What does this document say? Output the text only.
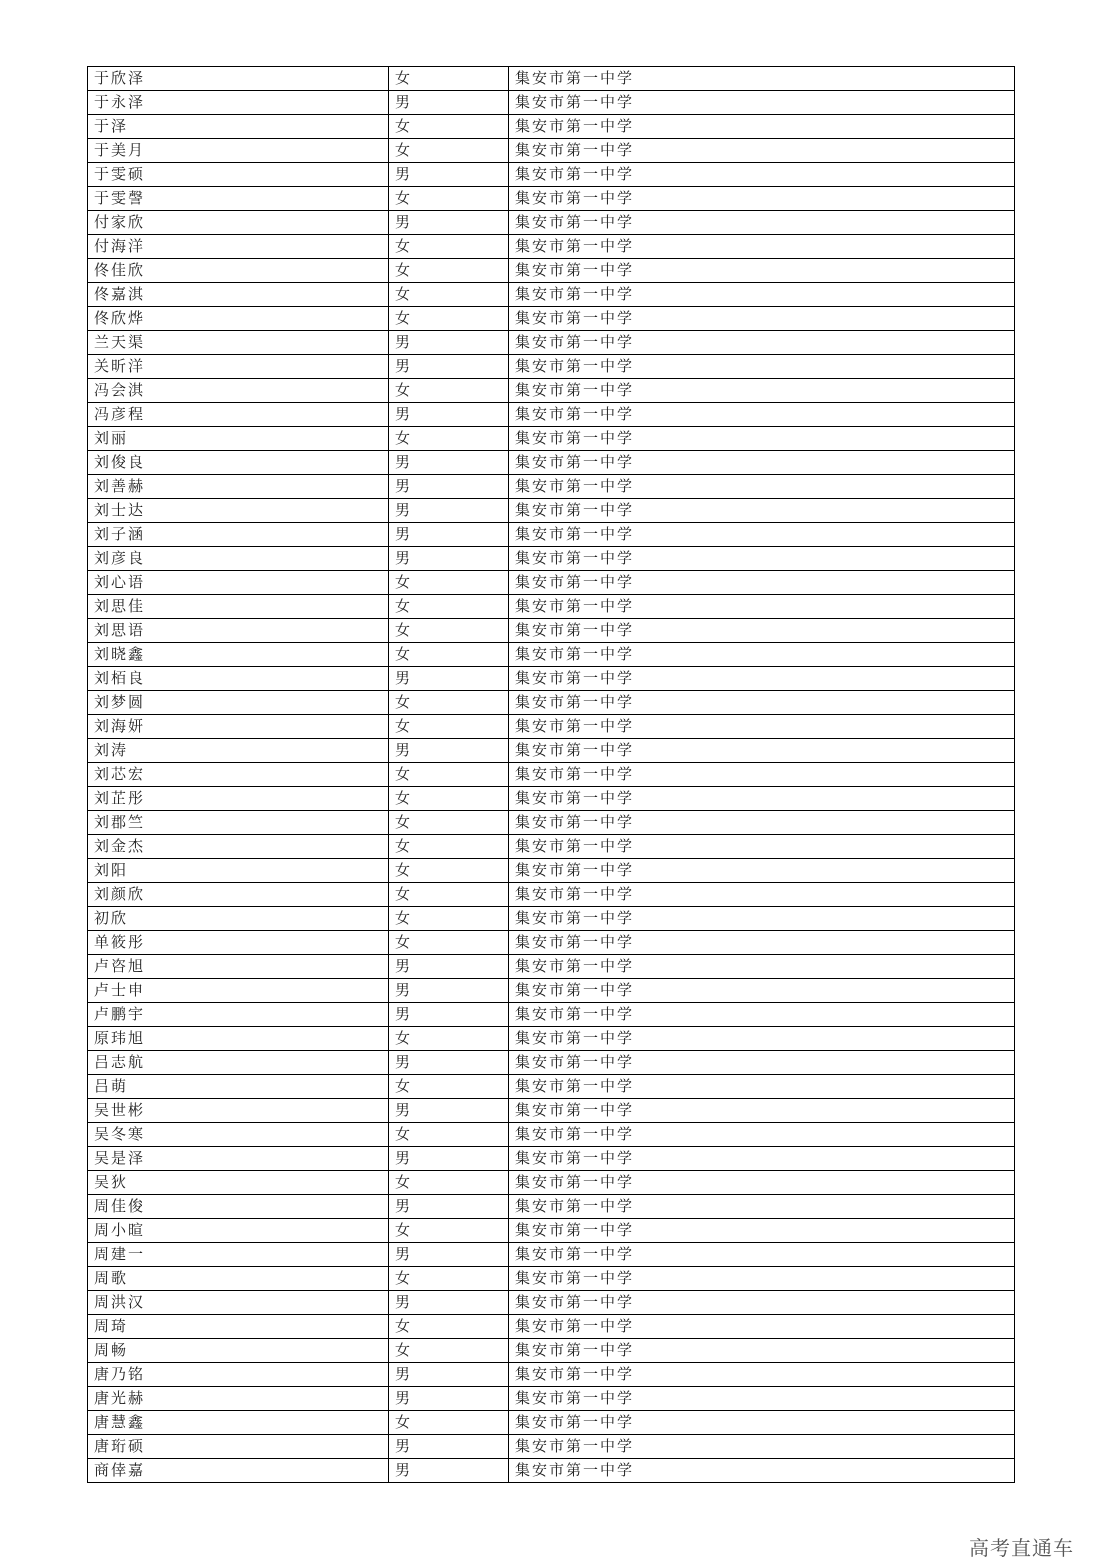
于欣泽	女	集安市第一中学
于永泽	男	集安市第一中学
于泽	女	集安市第一中学
于美月	女	集安市第一中学
于雯硕	男	集安市第一中学
于雯謦	女	集安市第一中学
付家欣	男	集安市第一中学
付海洋	女	集安市第一中学
佟佳欣	女	集安市第一中学
佟嘉淇	女	集安市第一中学
佟欣烨	女	集安市第一中学
兰天渠	男	集安市第一中学
关昕洋	男	集安市第一中学
冯会淇	女	集安市第一中学
冯彦程	男	集安市第一中学
刘丽	女	集安市第一中学
刘俊良	男	集安市第一中学
刘善赫	男	集安市第一中学
刘士达	男	集安市第一中学
刘子涵	男	集安市第一中学
刘彦良	男	集安市第一中学
刘心语	女	集安市第一中学
刘思佳	女	集安市第一中学
刘思语	女	集安市第一中学
刘晓鑫	女	集安市第一中学
刘栢良	男	集安市第一中学
刘梦圆	女	集安市第一中学
刘海妍	女	集安市第一中学
刘涛	男	集安市第一中学
刘芯宏	女	集安市第一中学
刘芷彤	女	集安市第一中学
刘郡竺	女	集安市第一中学
刘金杰	女	集安市第一中学
刘阳	女	集安市第一中学
刘颜欣	女	集安市第一中学
初欣	女	集安市第一中学
单筱彤	女	集安市第一中学
卢咨旭	男	集安市第一中学
卢士申	男	集安市第一中学
卢鹏宇	男	集安市第一中学
原玮旭	女	集安市第一中学
吕志航	男	集安市第一中学
吕萌	女	集安市第一中学
吴世彬	男	集安市第一中学
吴冬寒	女	集安市第一中学
吴是泽	男	集安市第一中学
吴狄	女	集安市第一中学
周佳俊	男	集安市第一中学
周小暄	女	集安市第一中学
周建一	男	集安市第一中学
周歌	女	集安市第一中学
周洪汉	男	集安市第一中学
周琦	女	集安市第一中学
周畅	女	集安市第一中学
唐乃铭	男	集安市第一中学
唐光赫	男	集安市第一中学
唐慧鑫	女	集安市第一中学
唐珩硕	男	集安市第一中学
商倖嘉	男	集安市第一中学
高考直通车
